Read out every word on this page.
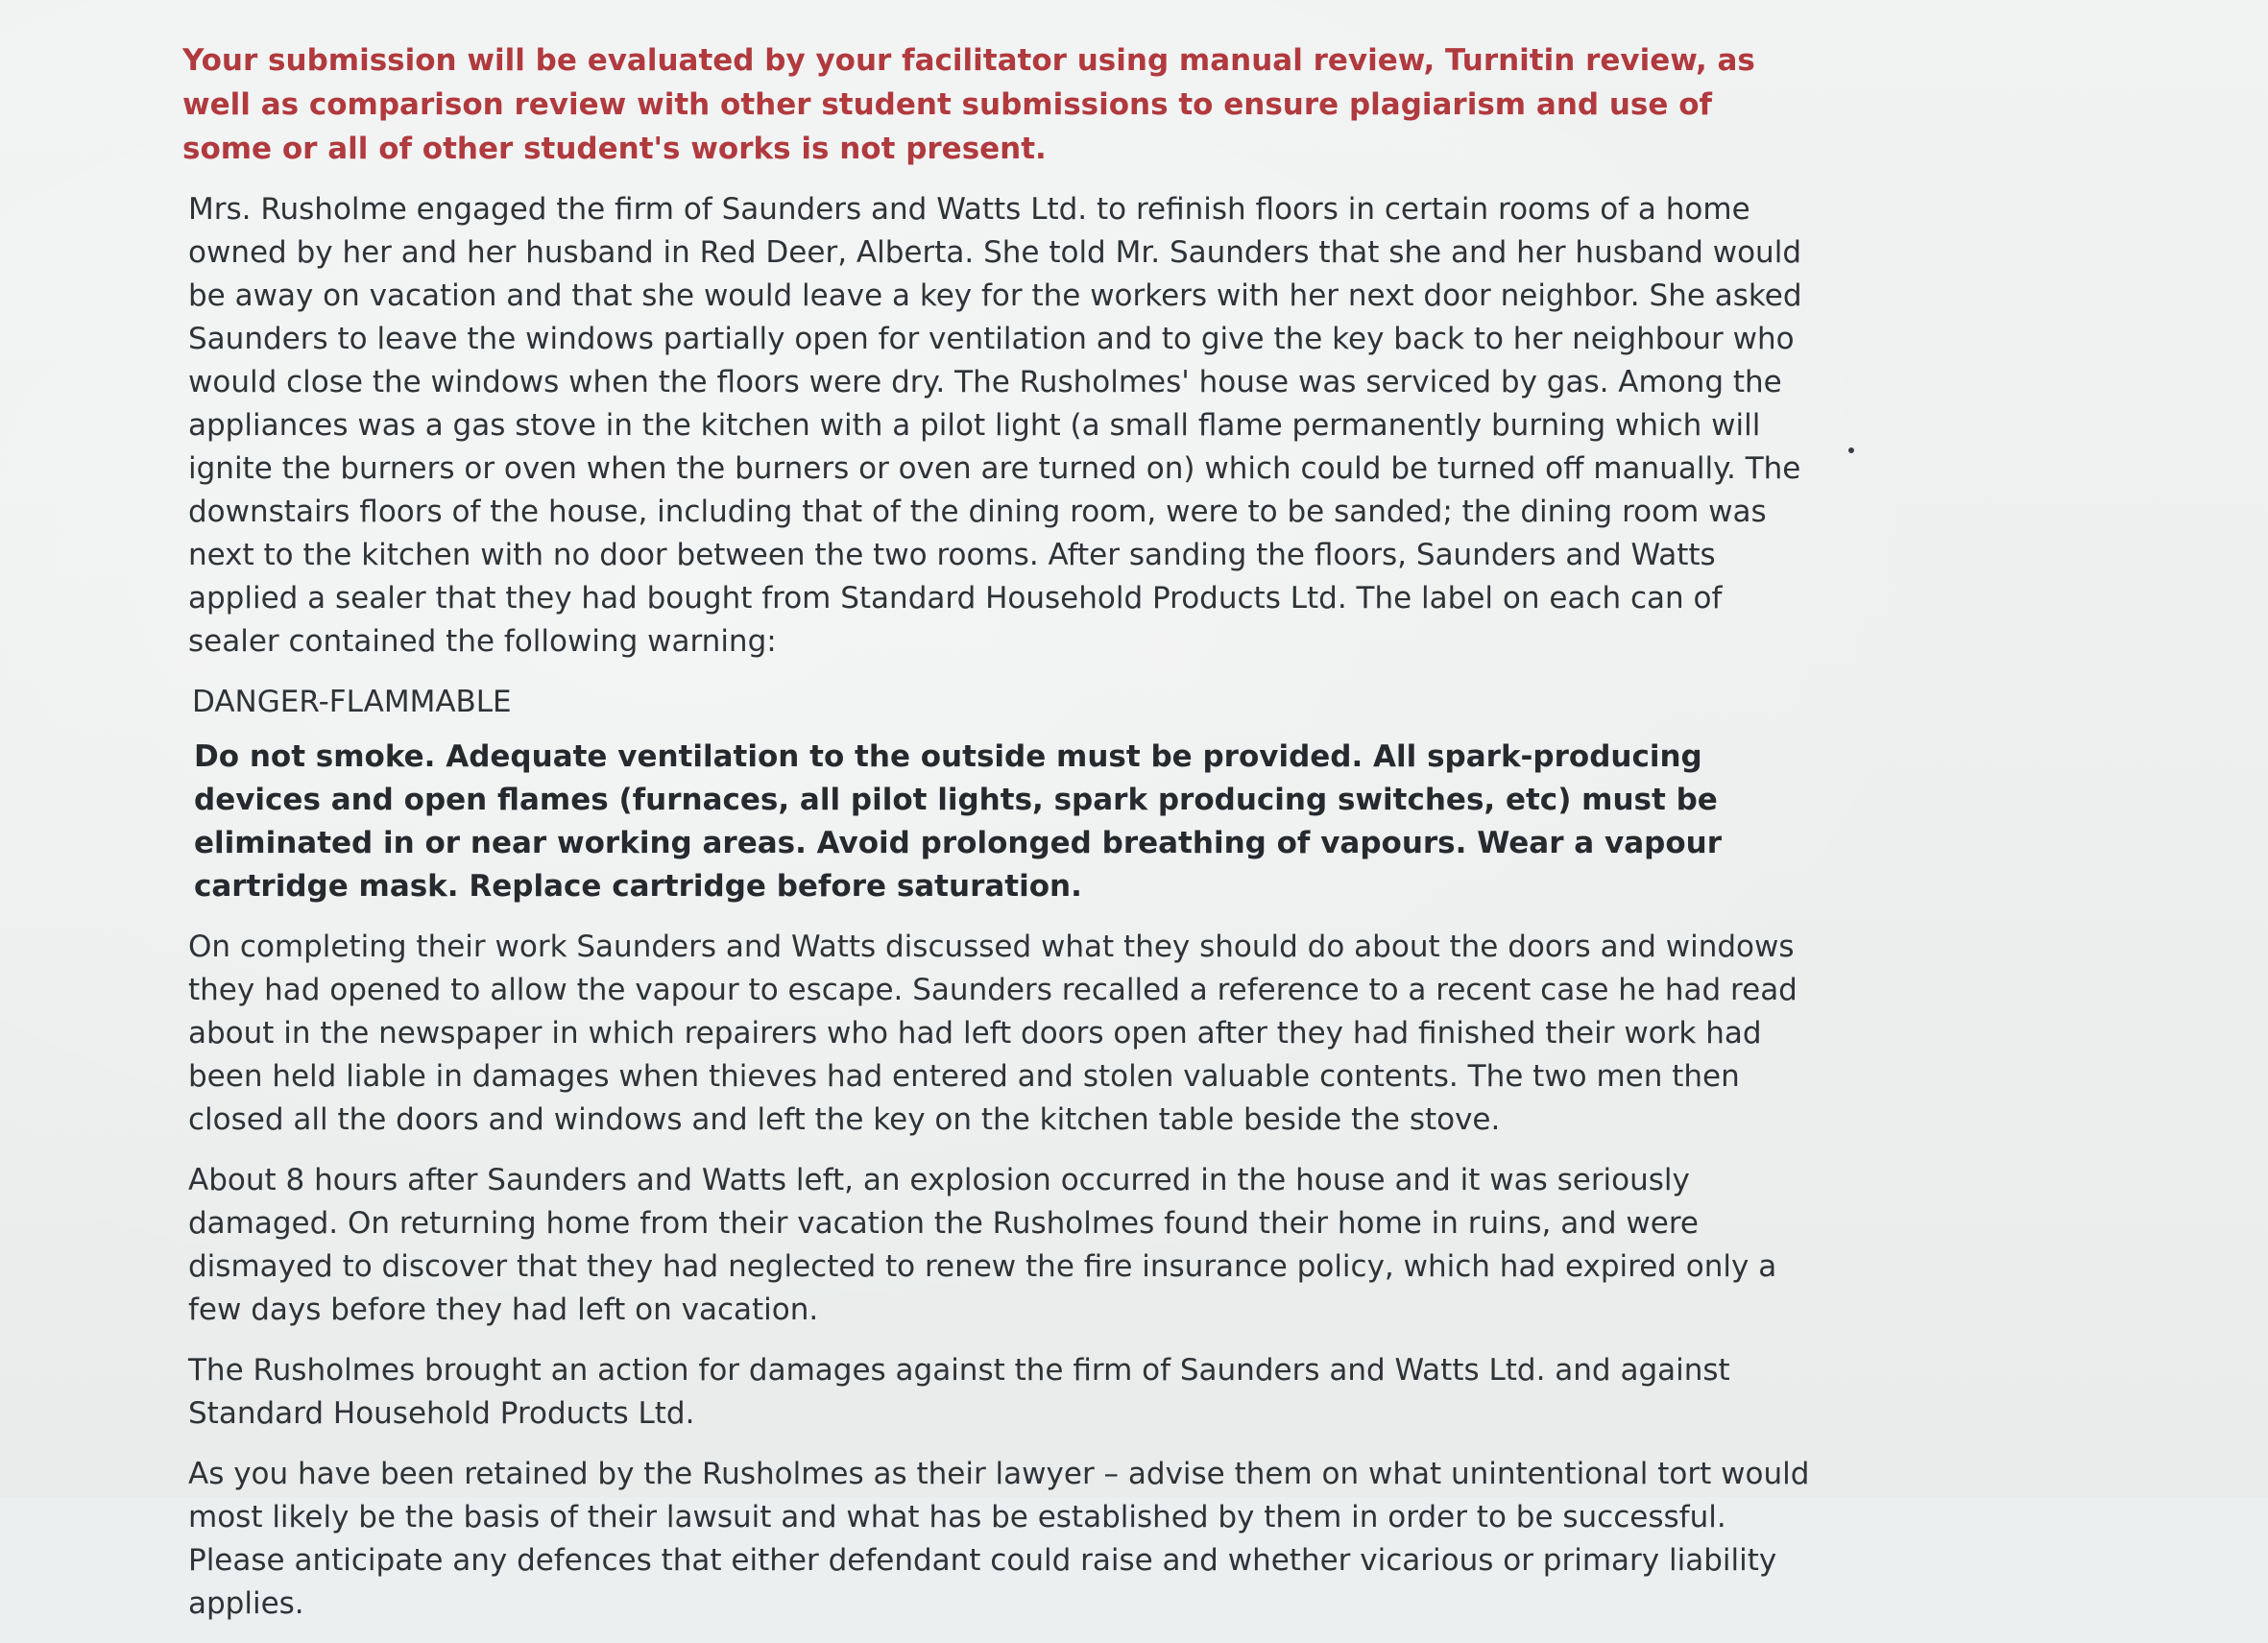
Your submission will be evaluated by your facilitator using manual review, Turnitin review, as well as comparison review with other student submissions to ensure plagiarism and use of some or all of other student's works is not present.

Mrs. Rusholme engaged the firm of Saunders and Watts Ltd. to refinish floors in certain rooms of a home owned by her and her husband in Red Deer, Alberta. She told Mr. Saunders that she and her husband would be away on vacation and that she would leave a key for the workers with her next door neighbor. She asked Saunders to leave the windows partially open for ventilation and to give the key back to her neighbour who would close the windows when the floors were dry. The Rusholmes' house was serviced by gas. Among the appliances was a gas stove in the kitchen with a pilot light (a small flame permanently burning which will ignite the burners or oven when the burners or oven are turned on) which could be turned off manually. The downstairs floors of the house, including that of the dining room, were to be sanded; the dining room was next to the kitchen with no door between the two rooms. After sanding the floors, Saunders and Watts applied a sealer that they had bought from Standard Household Products Ltd. The label on each can of sealer contained the following warning:

DANGER-FLAMMABLE

Do not smoke. Adequate ventilation to the outside must be provided. All spark-producing devices and open flames (furnaces, all pilot lights, spark producing switches, etc) must be eliminated in or near working areas. Avoid prolonged breathing of vapours. Wear a vapour cartridge mask. Replace cartridge before saturation.

On completing their work Saunders and Watts discussed what they should do about the doors and windows they had opened to allow the vapour to escape. Saunders recalled a reference to a recent case he had read about in the newspaper in which repairers who had left doors open after they had finished their work had been held liable in damages when thieves had entered and stolen valuable contents. The two men then closed all the doors and windows and left the key on the kitchen table beside the stove.

About 8 hours after Saunders and Watts left, an explosion occurred in the house and it was seriously damaged. On returning home from their vacation the Rusholmes found their home in ruins, and were dismayed to discover that they had neglected to renew the fire insurance policy, which had expired only a few days before they had left on vacation.

The Rusholmes brought an action for damages against the firm of Saunders and Watts Ltd. and against Standard Household Products Ltd.

As you have been retained by the Rusholmes as their lawyer – advise them on what unintentional tort would most likely be the basis of their lawsuit and what has be established by them in order to be successful. Please anticipate any defences that either defendant could raise and whether vicarious or primary liability applies.
